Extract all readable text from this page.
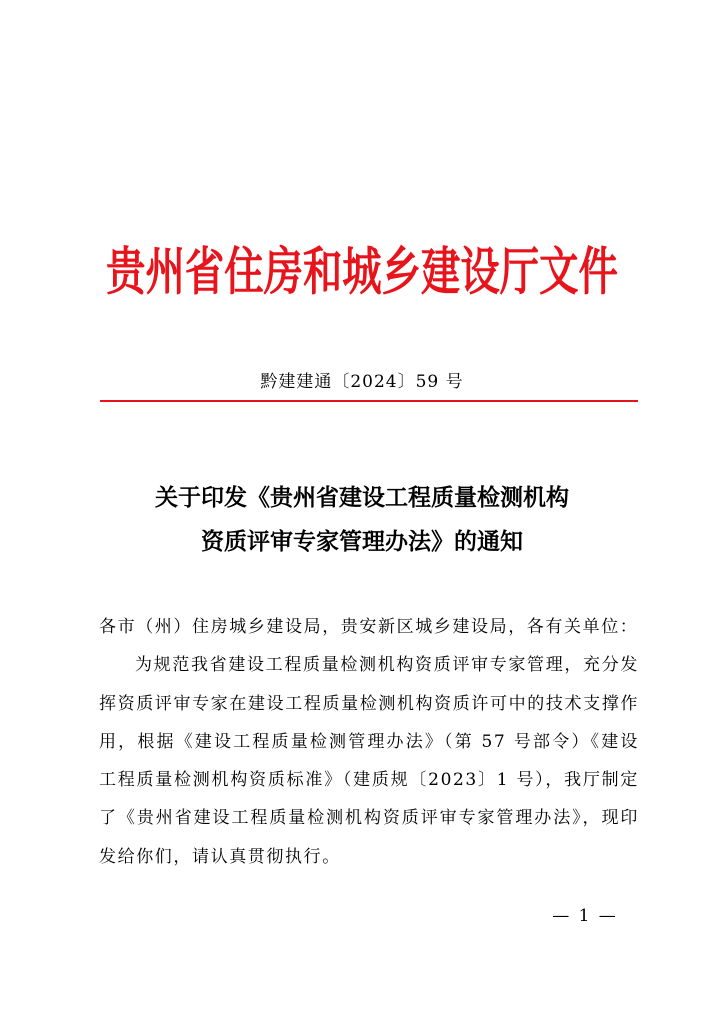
贵州省住房和城乡建设厅文件
黔建建通〔2024〕59 号
关于印发《贵州省建设工程质量检测机构
资质评审专家管理办法》的通知

各市（州）住房城乡建设局，贵安新区城乡建设局，各有关单位：

为规范我省建设工程质量检测机构资质评审专家管理，充分发挥资质评审专家在建设工程质量检测机构资质许可中的技术支撑作用，根据《建设工程质量检测管理办法》（第 57 号部令）《建设工程质量检测机构资质标准》（建质规〔2023〕1 号），我厅制定了《贵州省建设工程质量检测机构资质评审专家管理办法》，现印发给你们，请认真贯彻执行。

— 1 —
